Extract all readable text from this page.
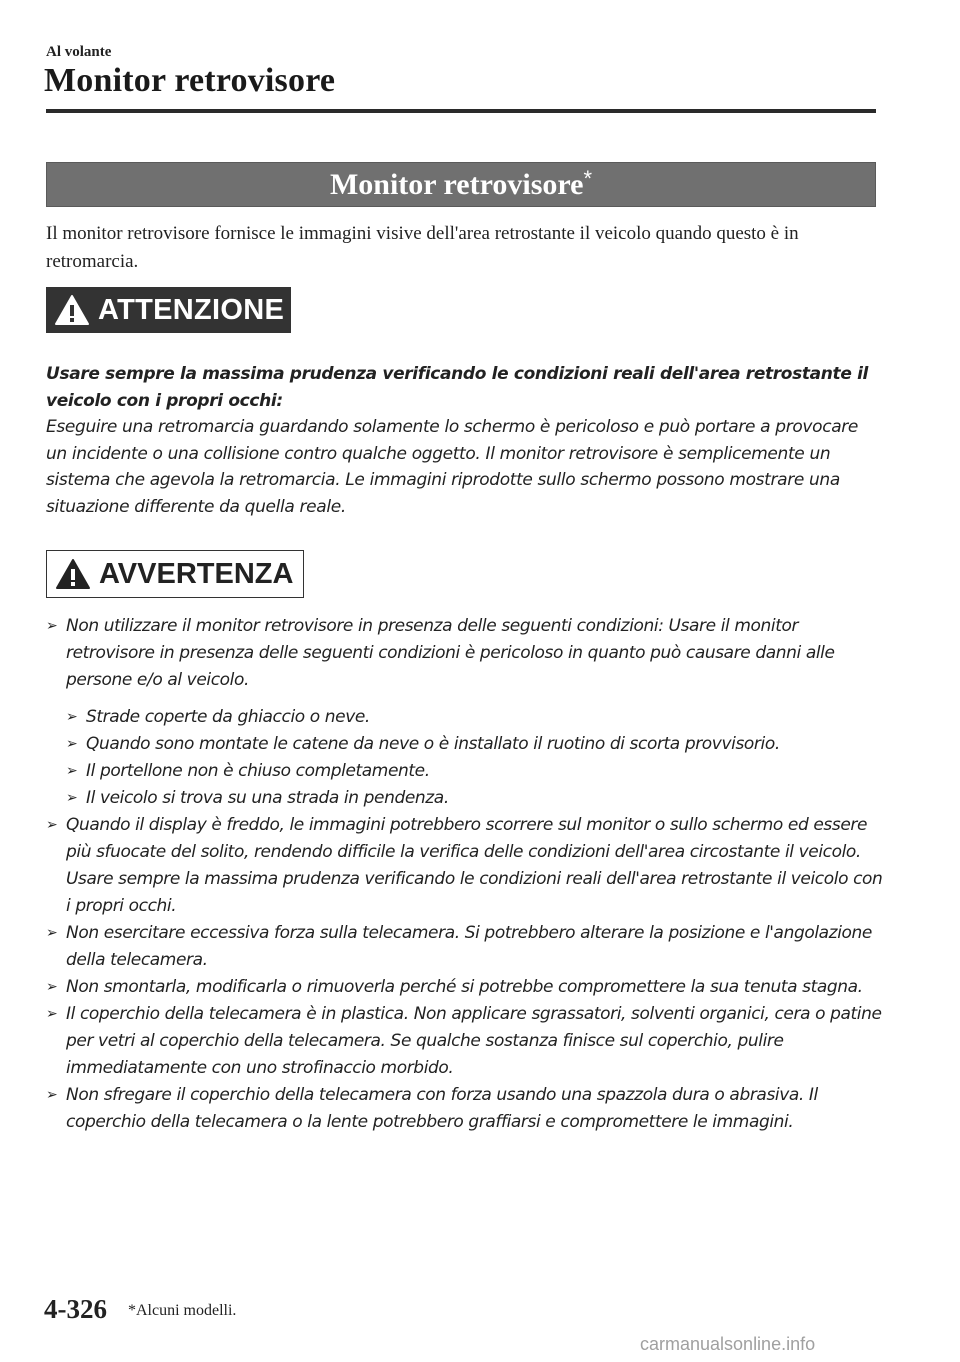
Al volante
Monitor retrovisore
Monitor retrovisore*

Il monitor retrovisore fornisce le immagini visive dell'area retrostante il veicolo quando questo è in retromarcia.

ATTENZIONE

Usare sempre la massima prudenza verificando le condizioni reali dell'area retrostante il veicolo con i propri occhi:

Eseguire una retromarcia guardando solamente lo schermo è pericoloso e può portare a provocare un incidente o una collisione contro qualche oggetto. Il monitor retrovisore è semplicemente un sistema che agevola la retromarcia. Le immagini riprodotte sullo schermo possono mostrare una situazione differente da quella reale.

AVVERTENZA
➢ Non utilizzare il monitor retrovisore in presenza delle seguenti condizioni: Usare il monitor retrovisore in presenza delle seguenti condizioni è pericoloso in quanto può causare danni alle persone e/o al veicolo.
➢ Strade coperte da ghiaccio o neve.
➢ Quando sono montate le catene da neve o è installato il ruotino di scorta provvisorio.
➢ Il portellone non è chiuso completamente.
➢ Il veicolo si trova su una strada in pendenza.
➢ Quando il display è freddo, le immagini potrebbero scorrere sul monitor o sullo schermo ed essere più sfuocate del solito, rendendo difficile la verifica delle condizioni dell'area circostante il veicolo. Usare sempre la massima prudenza verificando le condizioni reali dell'area retrostante il veicolo con i propri occhi.
➢ Non esercitare eccessiva forza sulla telecamera. Si potrebbero alterare la posizione e l'angolazione della telecamera.
➢ Non smontarla, modificarla o rimuoverla perché si potrebbe compromettere la sua tenuta stagna.
➢ Il coperchio della telecamera è in plastica. Non applicare sgrassatori, solventi organici, cera o patine per vetri al coperchio della telecamera. Se qualche sostanza finisce sul coperchio, pulire immediatamente con uno strofinaccio morbido.
➢ Non sfregare il coperchio della telecamera con forza usando una spazzola dura o abrasiva. Il coperchio della telecamera o la lente potrebbero graffiarsi e compromettere le immagini.
4-326 *Alcuni modelli.
carmanualsonline.info
